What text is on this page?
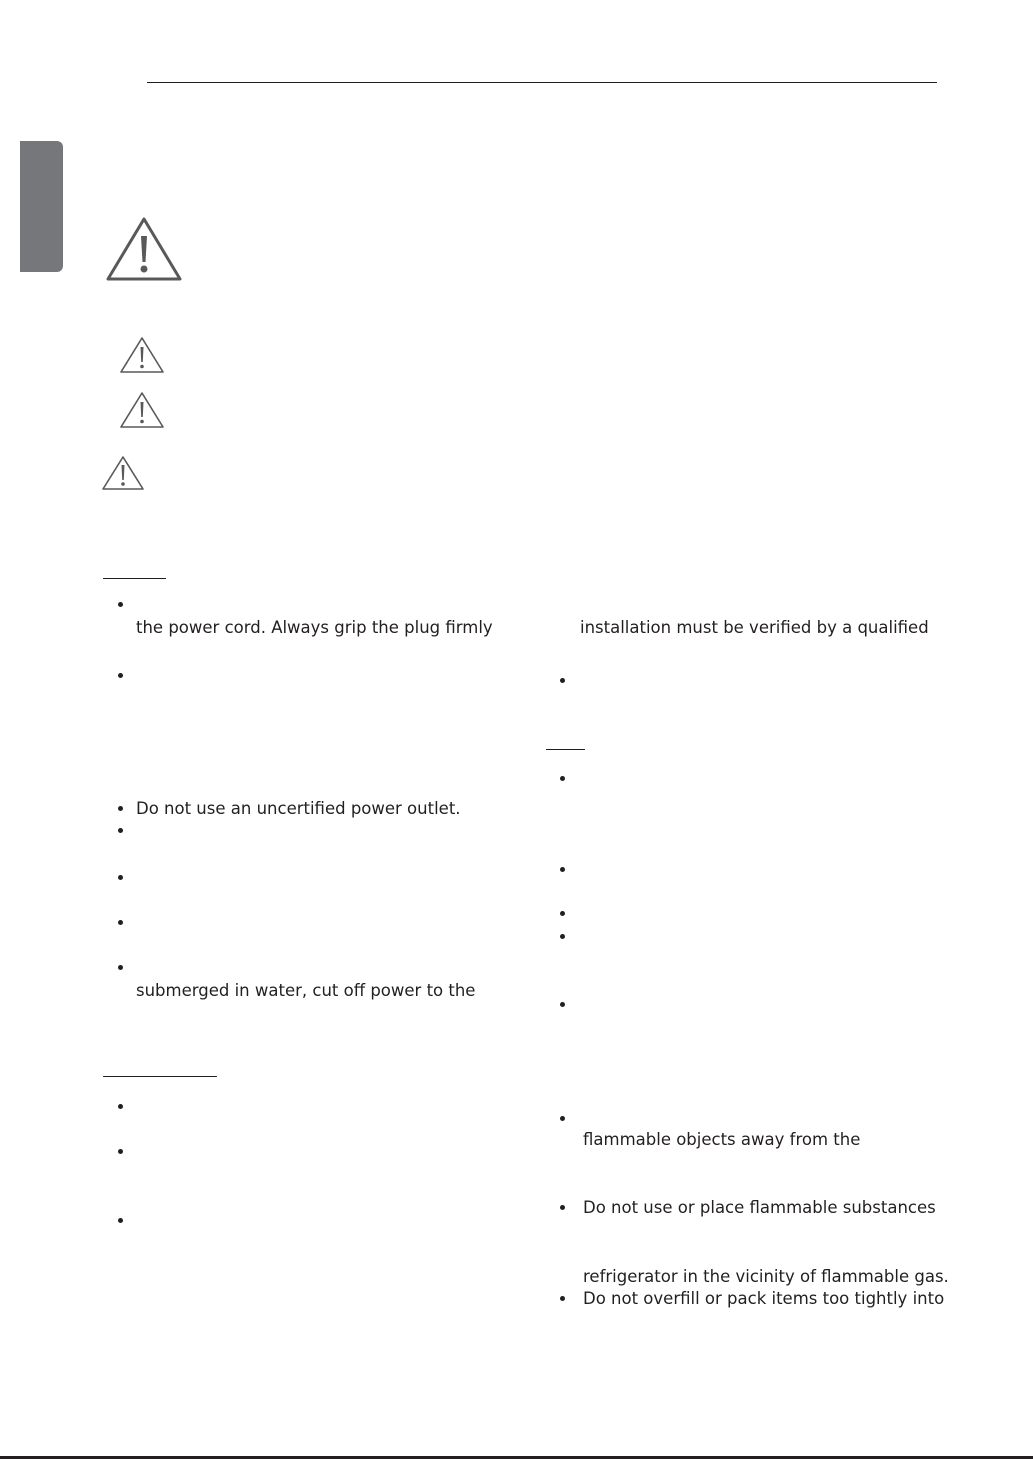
the power cord. Always grip the plug firmly
Do not use an uncertified power outlet.
submerged in water, cut off power to the
installation must be verified by a qualified
flammable objects away from the
Do not use or place flammable substances
refrigerator in the vicinity of flammable gas.
Do not overfill or pack items too tightly into
